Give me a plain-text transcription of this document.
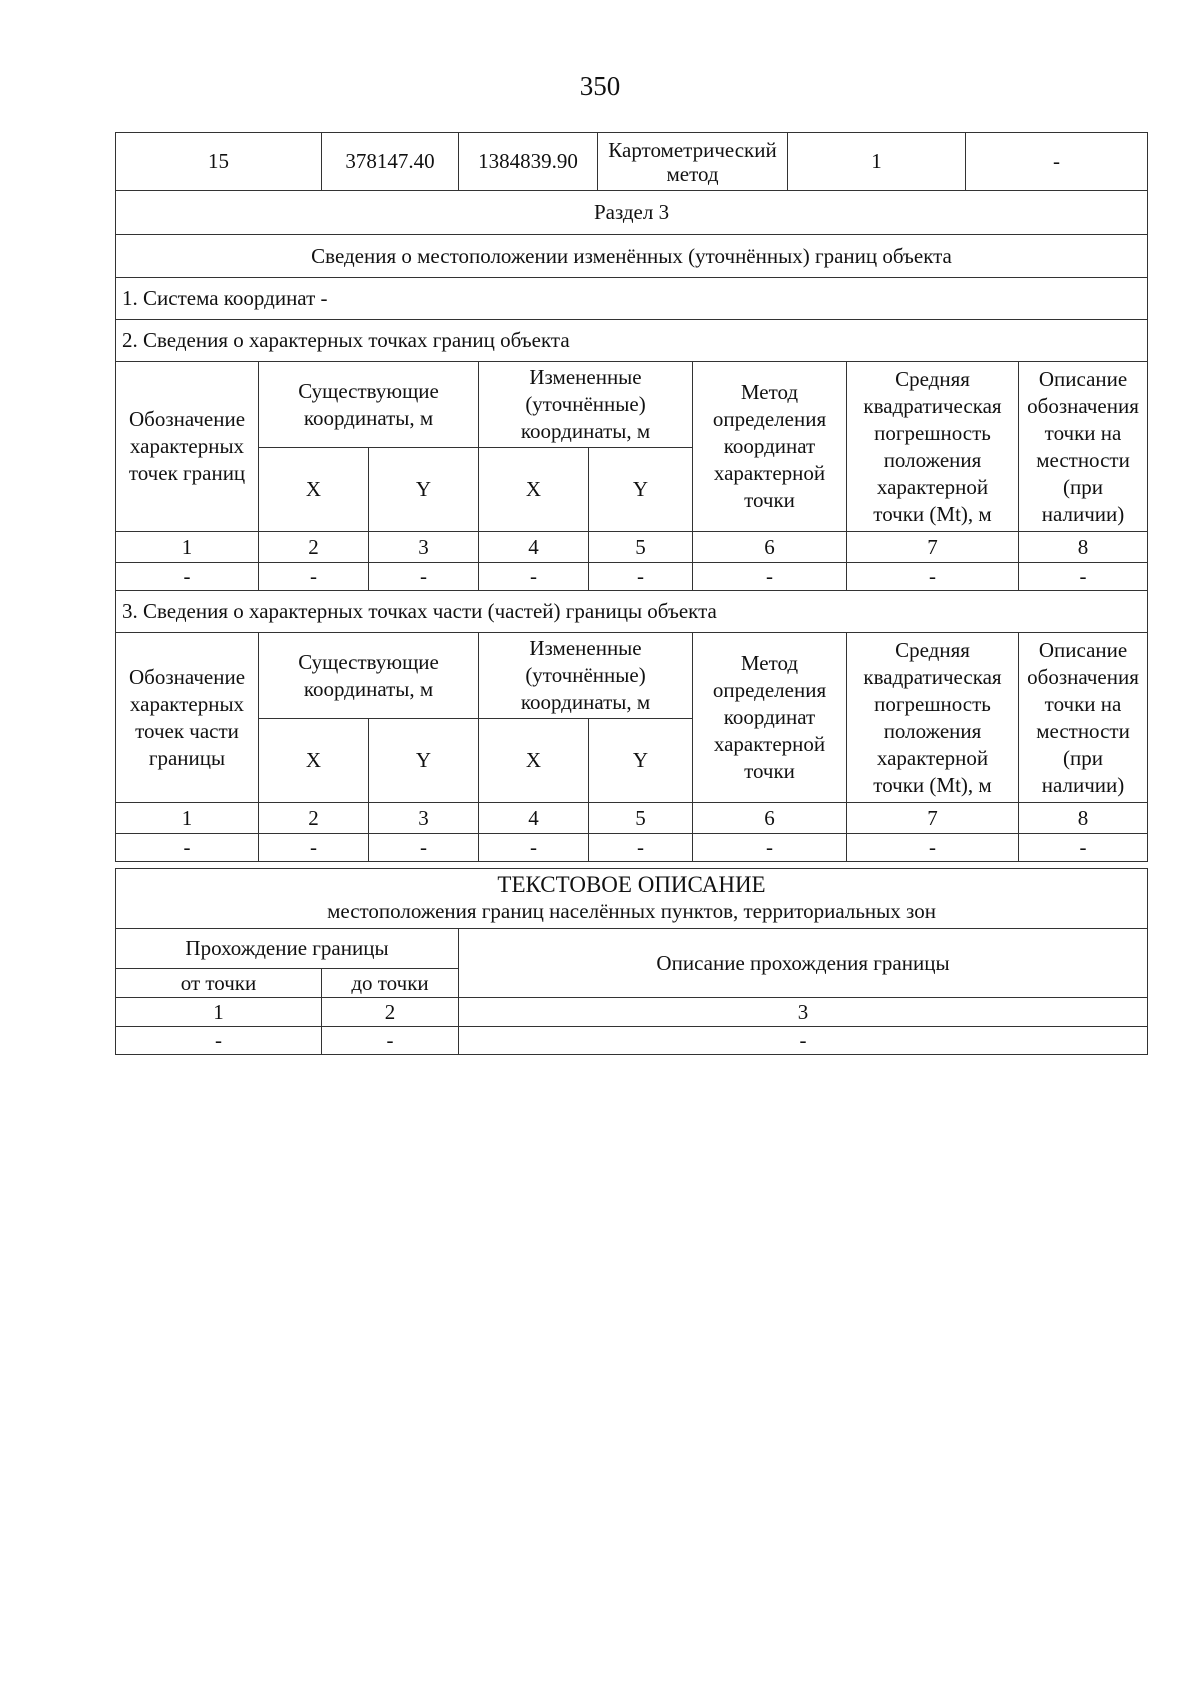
350
15	378147.40	1384839.90	Картометрический метод	1	-
Раздел 3							
Сведения о местоположении изменённых (уточнённых) границ объекта							
1. Система координат -							
2. Сведения о характерных точках границ объекта							
Обозначение характерных точек границ	Существующие координаты, м		Измененные (уточнённые) координаты, м		Метод определения координат характерной точки	Средняя квадратическая погрешность положения характерной точки (Mt), м	Описание обозначения точки на местности (при наличии)
	X	Y	X	Y			
1	2	3	4	5	6	7	8
-	-	-	-	-	-	-	-
3. Сведения о характерных точках части (частей) границы объекта							
Обозначение характерных точек части границы	Существующие координаты, м		Измененные (уточнённые) координаты, м		Метод определения координат характерной точки	Средняя квадратическая погрешность положения характерной точки (Mt), м	Описание обозначения точки на местности (при наличии)
	X	Y	X	Y			
1	2	3	4	5	6	7	8
-	-	-	-	-	-	-	-
ТЕКСТОВОЕ ОПИСАНИЕ
местоположения границ населённых пунктов, территориальных зон		

Прохождение границы		Описание прохождения границы
от точки	до точки	
1	2	3
-	-	-
